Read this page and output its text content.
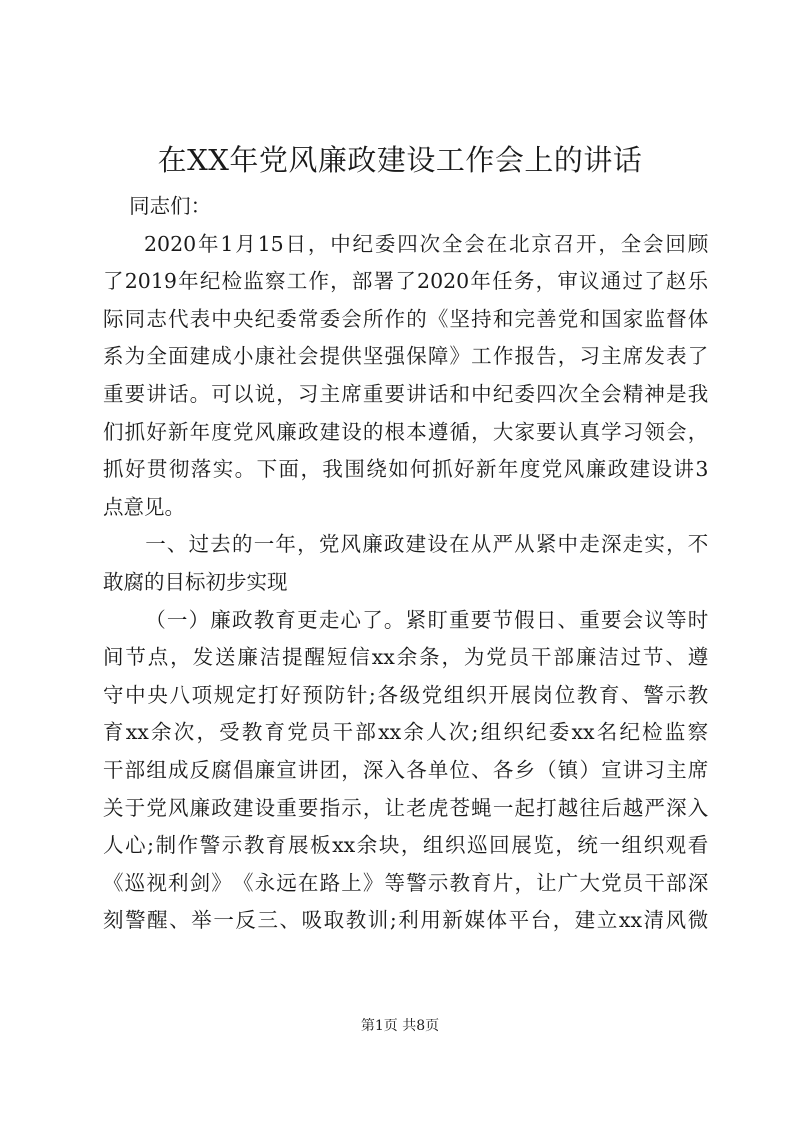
在XX年党风廉政建设工作会上的讲话
同志们：
2020年1月15日，中纪委四次全会在北京召开，全会回顾
了2019年纪检监察工作，部署了2020年任务，审议通过了赵乐
际同志代表中央纪委常委会所作的《坚持和完善党和国家监督体
系为全面建成小康社会提供坚强保障》工作报告，习主席发表了
重要讲话。可以说，习主席重要讲话和中纪委四次全会精神是我
们抓好新年度党风廉政建设的根本遵循，大家要认真学习领会，
抓好贯彻落实。下面，我围绕如何抓好新年度党风廉政建设讲3
点意见。
一、过去的一年，党风廉政建设在从严从紧中走深走实，不
敢腐的目标初步实现
（一）廉政教育更走心了。紧盯重要节假日、重要会议等时
间节点，发送廉洁提醒短信xx余条，为党员干部廉洁过节、遵
守中央八项规定打好预防针;各级党组织开展岗位教育、警示教
育xx余次，受教育党员干部xx余人次;组织纪委xx名纪检监察
干部组成反腐倡廉宣讲团，深入各单位、各乡（镇）宣讲习主席
关于党风廉政建设重要指示，让老虎苍蝇一起打越往后越严深入
人心;制作警示教育展板xx余块，组织巡回展览，统一组织观看
《巡视利剑》《永远在路上》等警示教育片，让广大党员干部深
刻警醒、举一反三、吸取教训;利用新媒体平台，建立xx清风微
第1页 共8页
